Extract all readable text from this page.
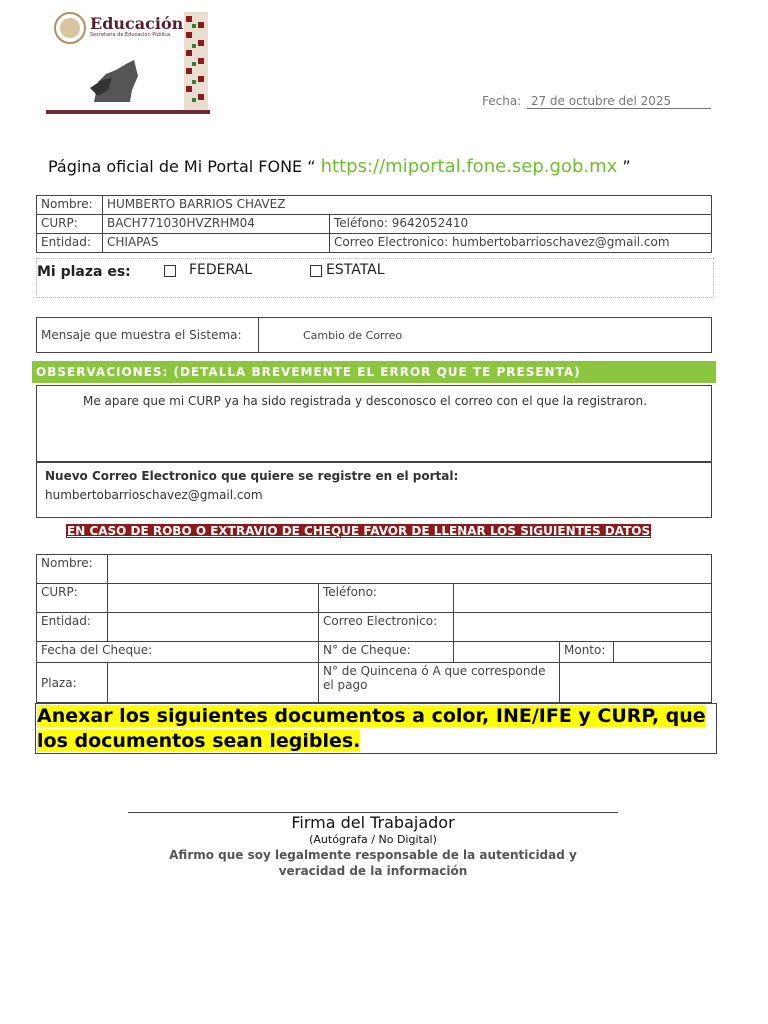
Educación
Secretaría de Educación Pública
Fecha: 27 de octubre del 2025
Página oficial de Mi Portal FONE “ https://miportal.fone.sep.gob.mx ”
Nombre:	HUMBERTO BARRIOS CHAVEZ	
CURP:	BACH771030HVZRHM04	Teléfono: 9642052410
Entidad:	CHIAPAS	Correo Electronico: humbertobarrioschavez@gmail.com
Mi plaza es:	FEDERAL	ESTATAL
Mensaje que muestra el Sistema:	Cambio de Correo
OBSERVACIONES: (DETALLA BREVEMENTE EL ERROR QUE TE PRESENTA)
Me apare que mi CURP ya ha sido registrada y desconosco el correo con el que la registraron.
Nuevo Correo Electronico que quiere se registre en el portal:
humbertobarrioschavez@gmail.com
EN CASO DE ROBO O EXTRAVIO DE CHEQUE FAVOR DE LLENAR LOS SIGUIENTES DATOS
Nombre:					
CURP:		Teléfono:			
Entidad:		Correo Electronico:			
Fecha del Cheque:		N° de Cheque:		Monto:	
Plaza:		N° de Quincena ó A que corresponde el pago			
Anexar los siguientes documentos a color, INE/IFE y CURP, que los documentos sean legibles.
Firma del Trabajador
(Autógrafa / No Digital)
Afirmo que soy legalmente responsable de la autenticidad y veracidad de la información
